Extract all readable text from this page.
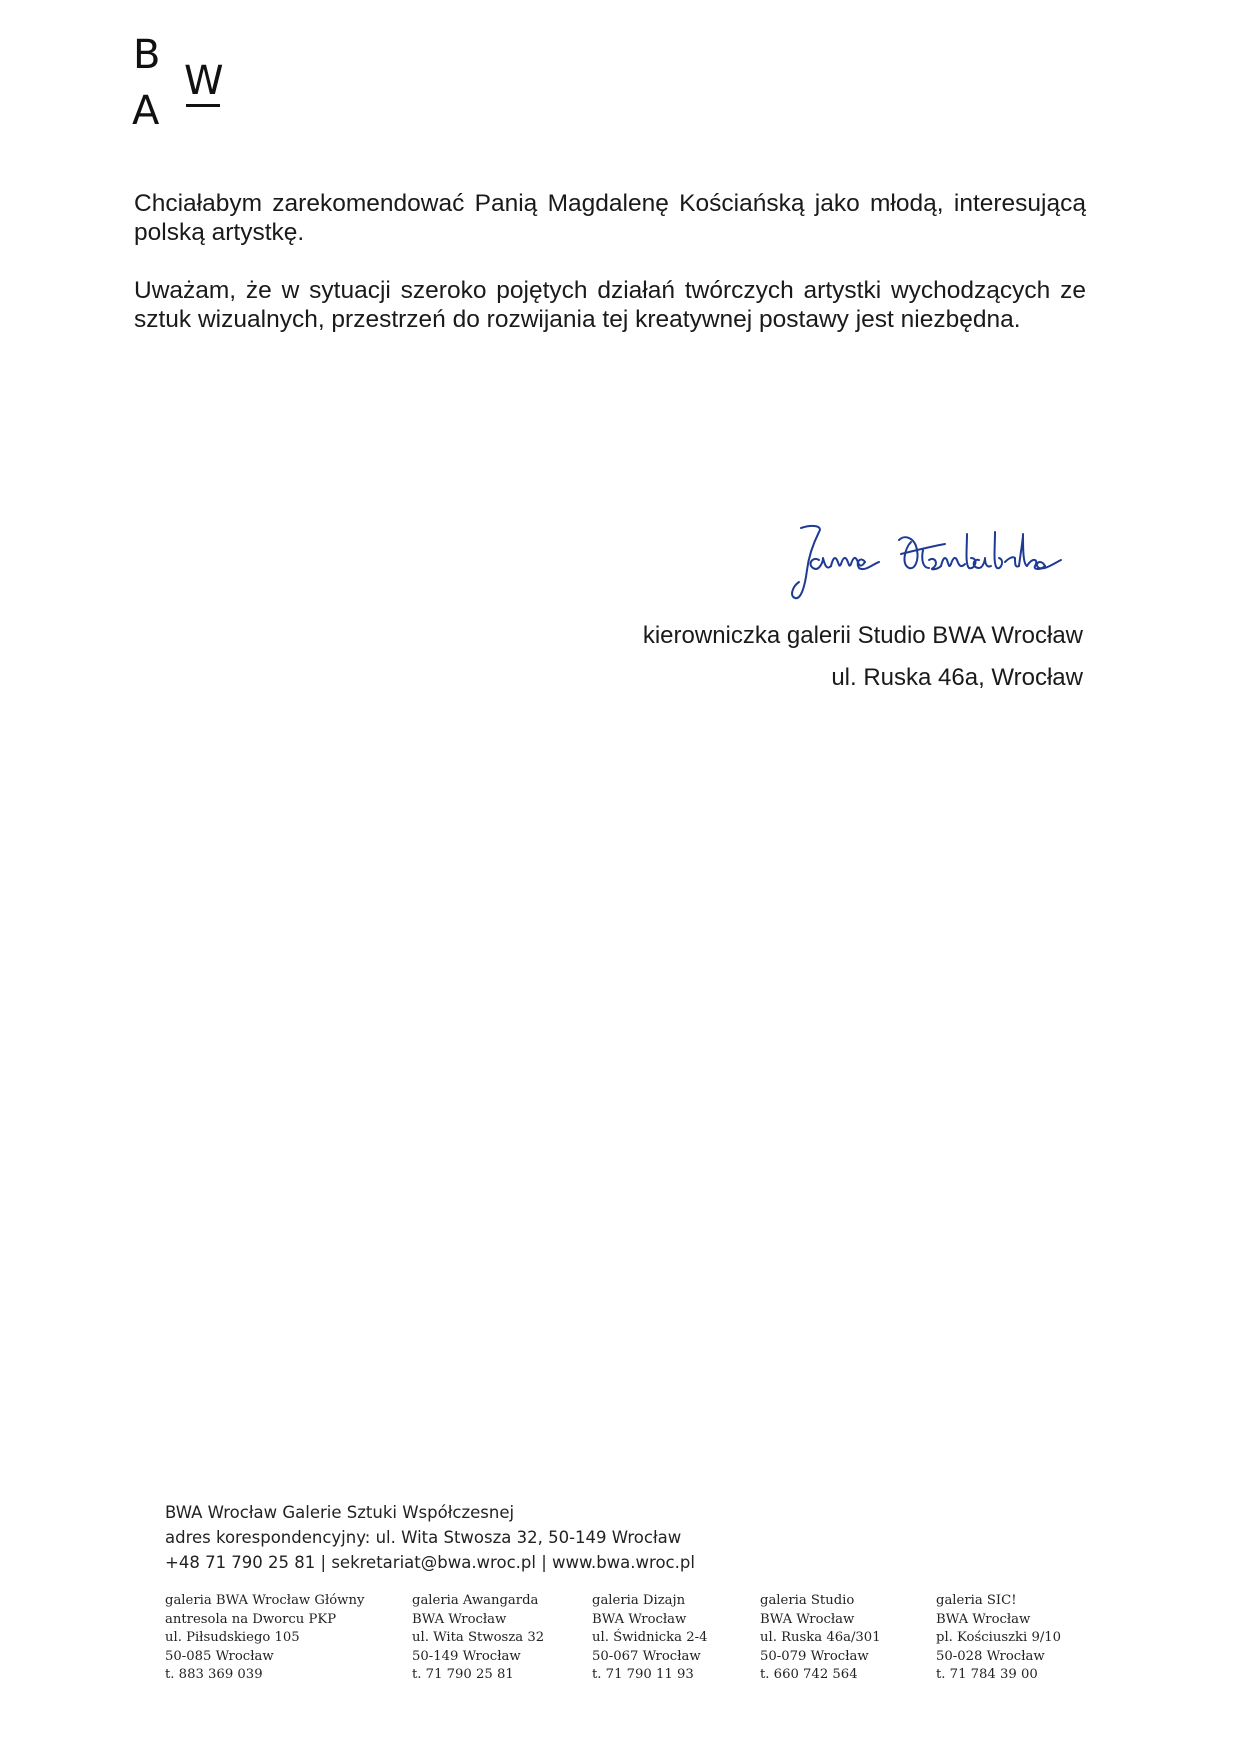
B
A
W

Chciałabym zarekomendować Panią Magdalenę Kościańską jako młodą, interesującą polską artystkę.

Uważam, że w sytuacji szeroko pojętych działań twórczych artystki wychodzących ze sztuk wizualnych, przestrzeń do rozwijania tej kreatywnej postawy jest niezbędna.

kierowniczka galerii Studio BWA Wrocław
ul. Ruska 46a, Wrocław
BWA Wrocław Galerie Sztuki Współczesnej
adres korespondencyjny: ul. Wita Stwosza 32, 50-149 Wrocław
+48 71 790 25 81 | sekretariat@bwa.wroc.pl | www.bwa.wroc.pl
galeria BWA Wrocław Główny
antresola na Dworcu PKP
ul. Piłsudskiego 105
50-085 Wrocław
t. 883 369 039
galeria Awangarda
BWA Wrocław
ul. Wita Stwosza 32
50-149 Wrocław
t. 71 790 25 81
galeria Dizajn
BWA Wrocław
ul. Świdnicka 2-4
50-067 Wrocław
t. 71 790 11 93
galeria Studio
BWA Wrocław
ul. Ruska 46a/301
50-079 Wrocław
t. 660 742 564
galeria SIC!
BWA Wrocław
pl. Kościuszki 9/10
50-028 Wrocław
t. 71 784 39 00
